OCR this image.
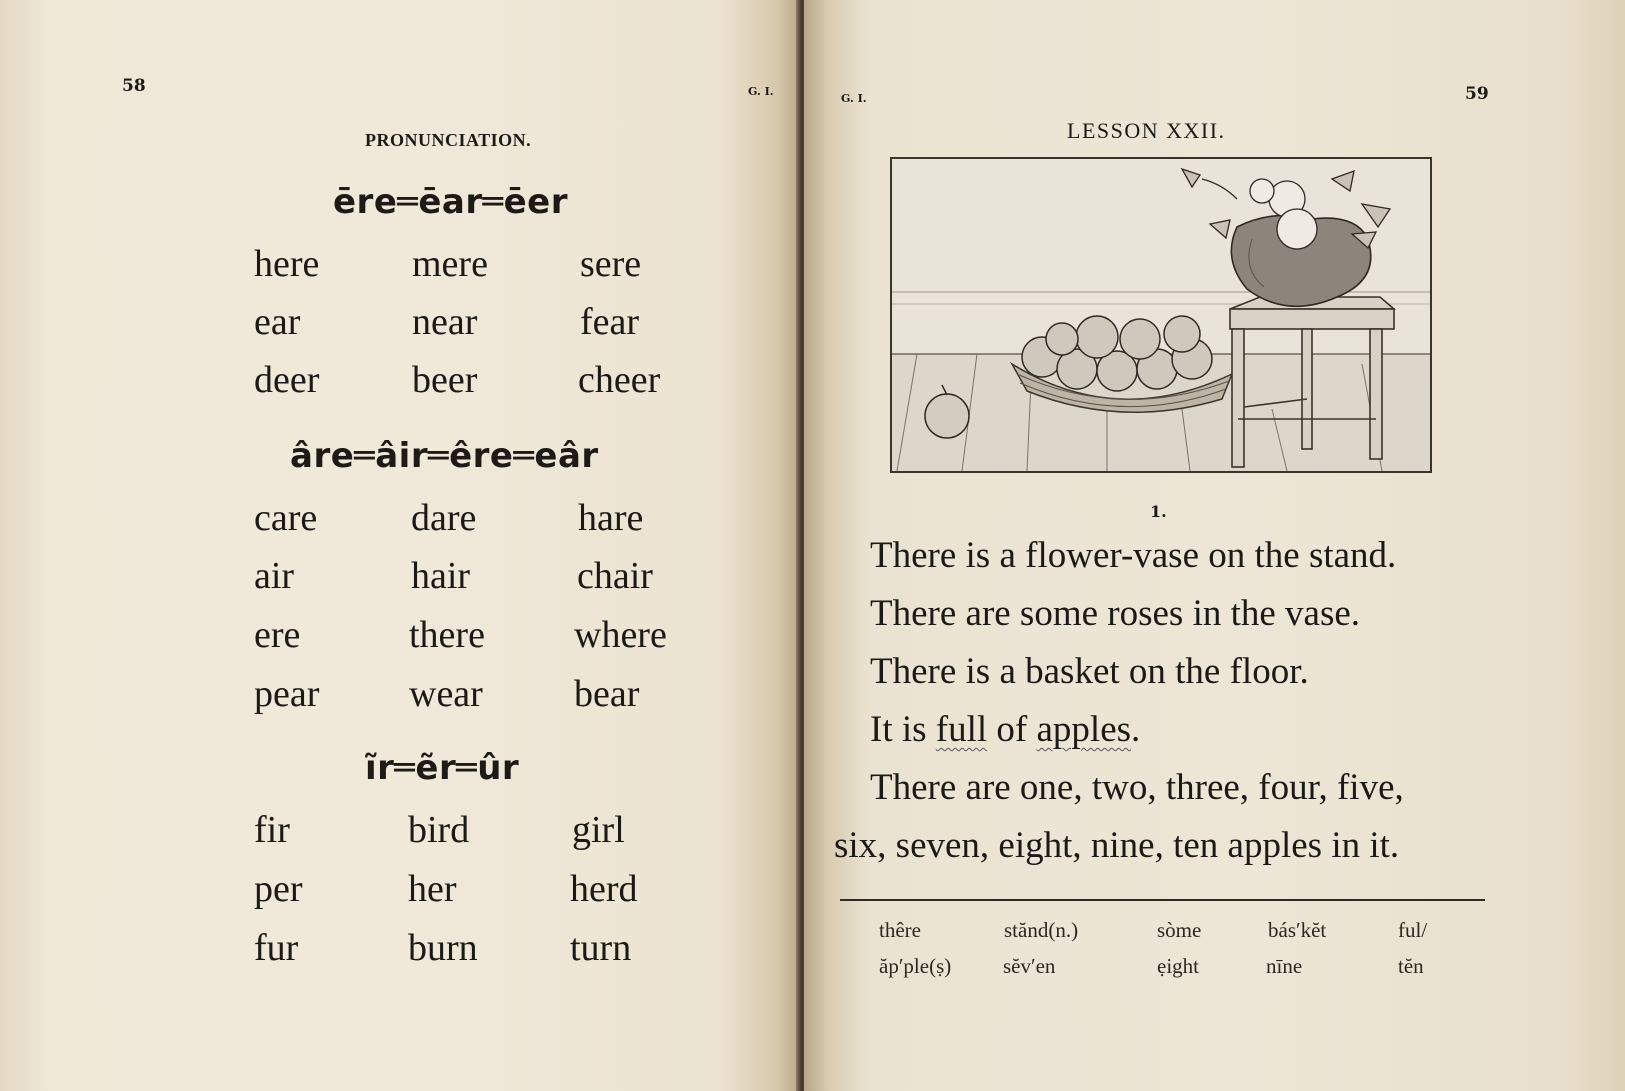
58	G. I.
PRONUNCIATION.
ēre═ēar═ēer
here mere sere
ear	near	fear
deer beer	cheer
âre═âir═êre═eâr
care dare	hare
air	hair	chair
ere	there where
pear wear bear
ĩr═ẽr═ûr
fir	bird	girl
per	her	herd
fur	burn turn
G. I.	59
LESSON XXII.
1.
There is a flower-vase on the stand.
There are some roses in the vase.
There is a basket on the floor.
It is full of apples.
There are one, two, three, four, five,
six, seven, eight, nine, ten apples in it.
thêre	stănd(n.)	sòme	bás′kĕt	ful/
ăp′ple(ṣ) sĕv′en	ẹight	nīne	tĕn
